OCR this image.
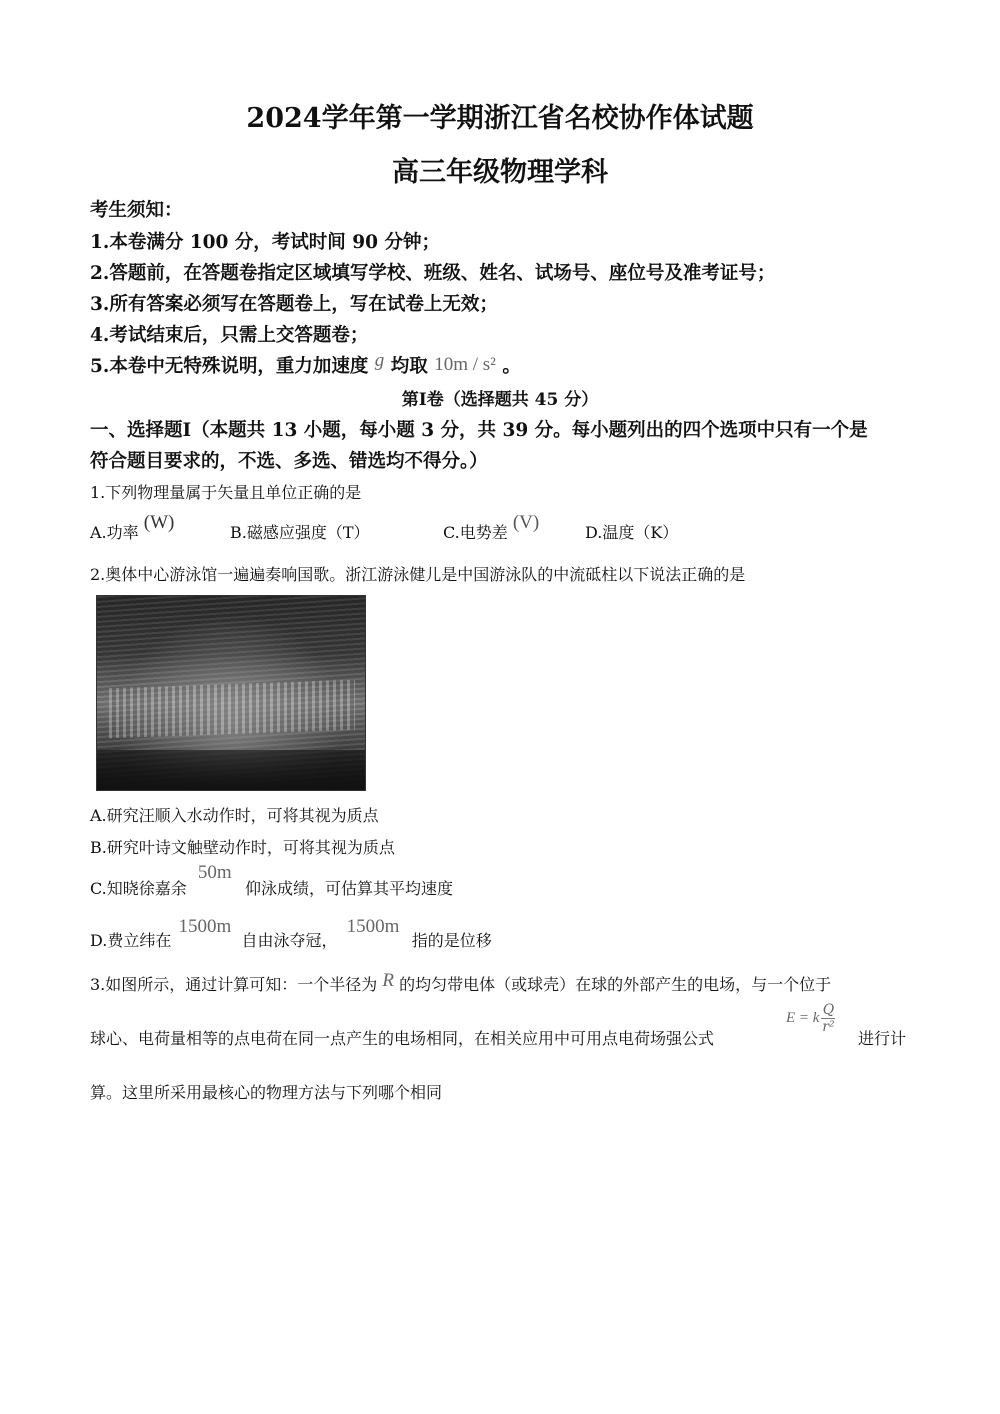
2024学年第一学期浙江省名校协作体试题
高三年级物理学科
考生须知：
1.本卷满分 100 分，考试时间 90 分钟；
2.答题前，在答题卷指定区域填写学校、班级、姓名、试场号、座位号及准考证号；
3.所有答案必须写在答题卷上，写在试卷上无效；
4.考试结束后，只需上交答题卷；
5.本卷中无特殊说明，重力加速度 g 均取 10m / s² 。
第Ⅰ卷（选择题共 45 分）
一、选择题Ⅰ（本题共 13 小题，每小题 3 分，共 39 分。每小题列出的四个选项中只有一个是
符合题目要求的，不选、多选、错选均不得分。）
1.下列物理量属于矢量且单位正确的是
A.功率 (W)	B.磁感应强度（T）	C.电势差 (V)	D.温度（K）
2.奥体中心游泳馆一遍遍奏响国歌。浙江游泳健儿是中国游泳队的中流砥柱以下说法正确的是
A.研究汪顺入水动作时，可将其视为质点
B.研究叶诗文触壁动作时，可将其视为质点
C.知晓徐嘉余 50m 仰泳成绩，可估算其平均速度
D.费立纬在 1500m 自由泳夺冠， 1500m 指的是位移
3.如图所示，通过计算可知：一个半径为 R 的均匀带电体（或球壳）在球的外部产生的电场，与一个位于
球心、电荷量相等的点电荷在同一点产生的电场相同，在相关应用中可用点电荷场强公式
E = k $\frac{Q}{\text{r²}}$
进行计
算。这里所采用最核心的物理方法与下列哪个相同
